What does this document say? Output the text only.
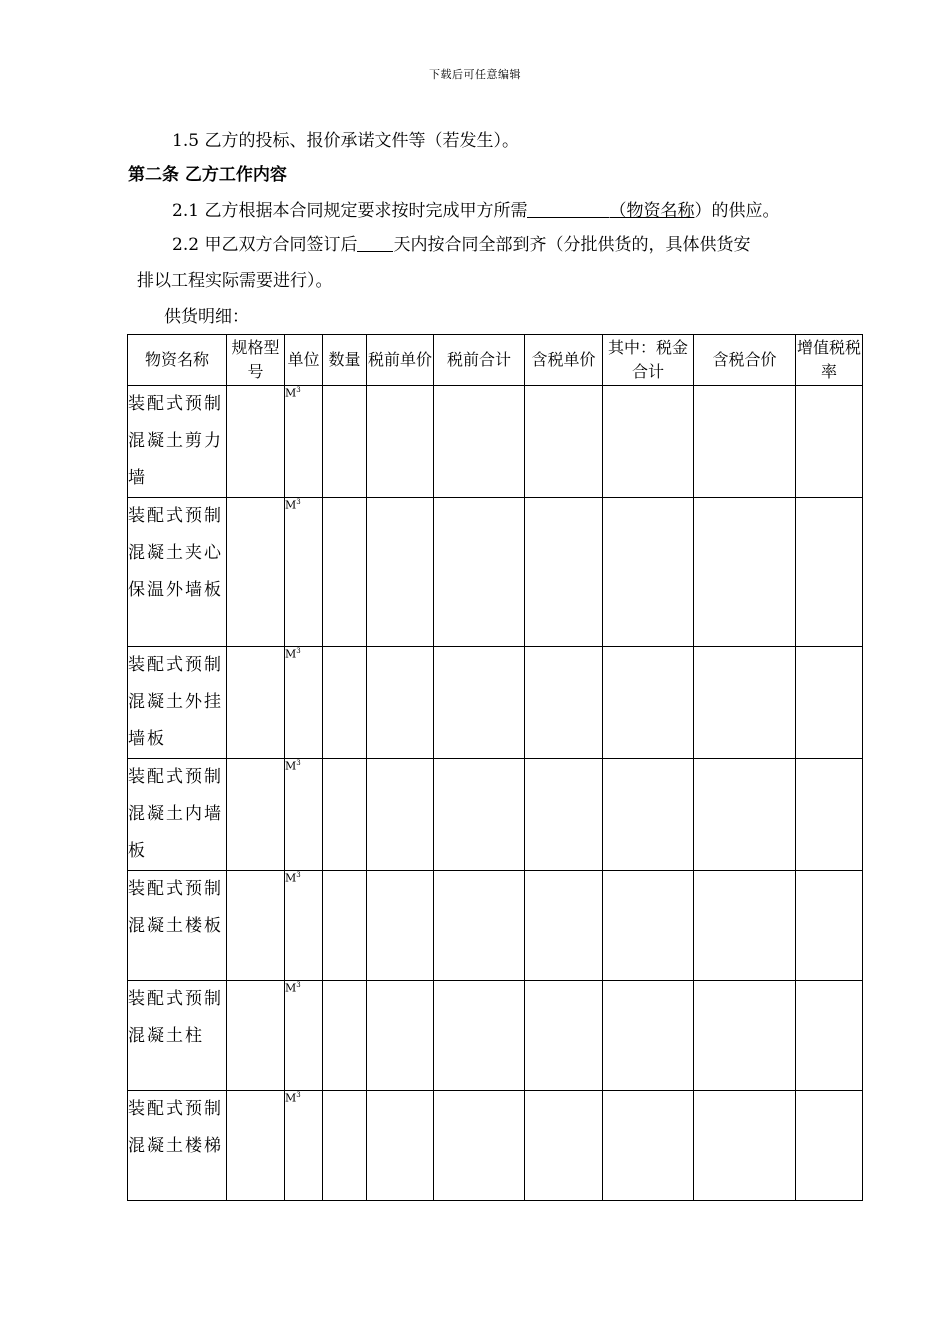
下载后可任意编辑
1.5 乙方的投标、报价承诺文件等（若发生）。
第二条 乙方工作内容
2.1 乙方根据本合同规定要求按时完成甲方所需	（物资名称）的供应。
2.2 甲乙双方合同签订后 天内按合同全部到齐（分批供货的，具体供货安
排以工程实际需要进行）。
供货明细：
物资名称	规格型号	单位	数量	税前单价	税前合计	含税单价	其中：税金合计	含税合价	增值税税率
装配式预制混凝土剪力墙		$M^3$							
装配式预制混凝土夹心保温外墙板		$M^3$							
装配式预制混凝土外挂墙板		$M^3$							
装配式预制混凝土内墙板		$M^3$							
装配式预制混凝土楼板		$M^3$							
装配式预制混凝土柱		$M^3$							
装配式预制混凝土楼梯		$M^3$							
